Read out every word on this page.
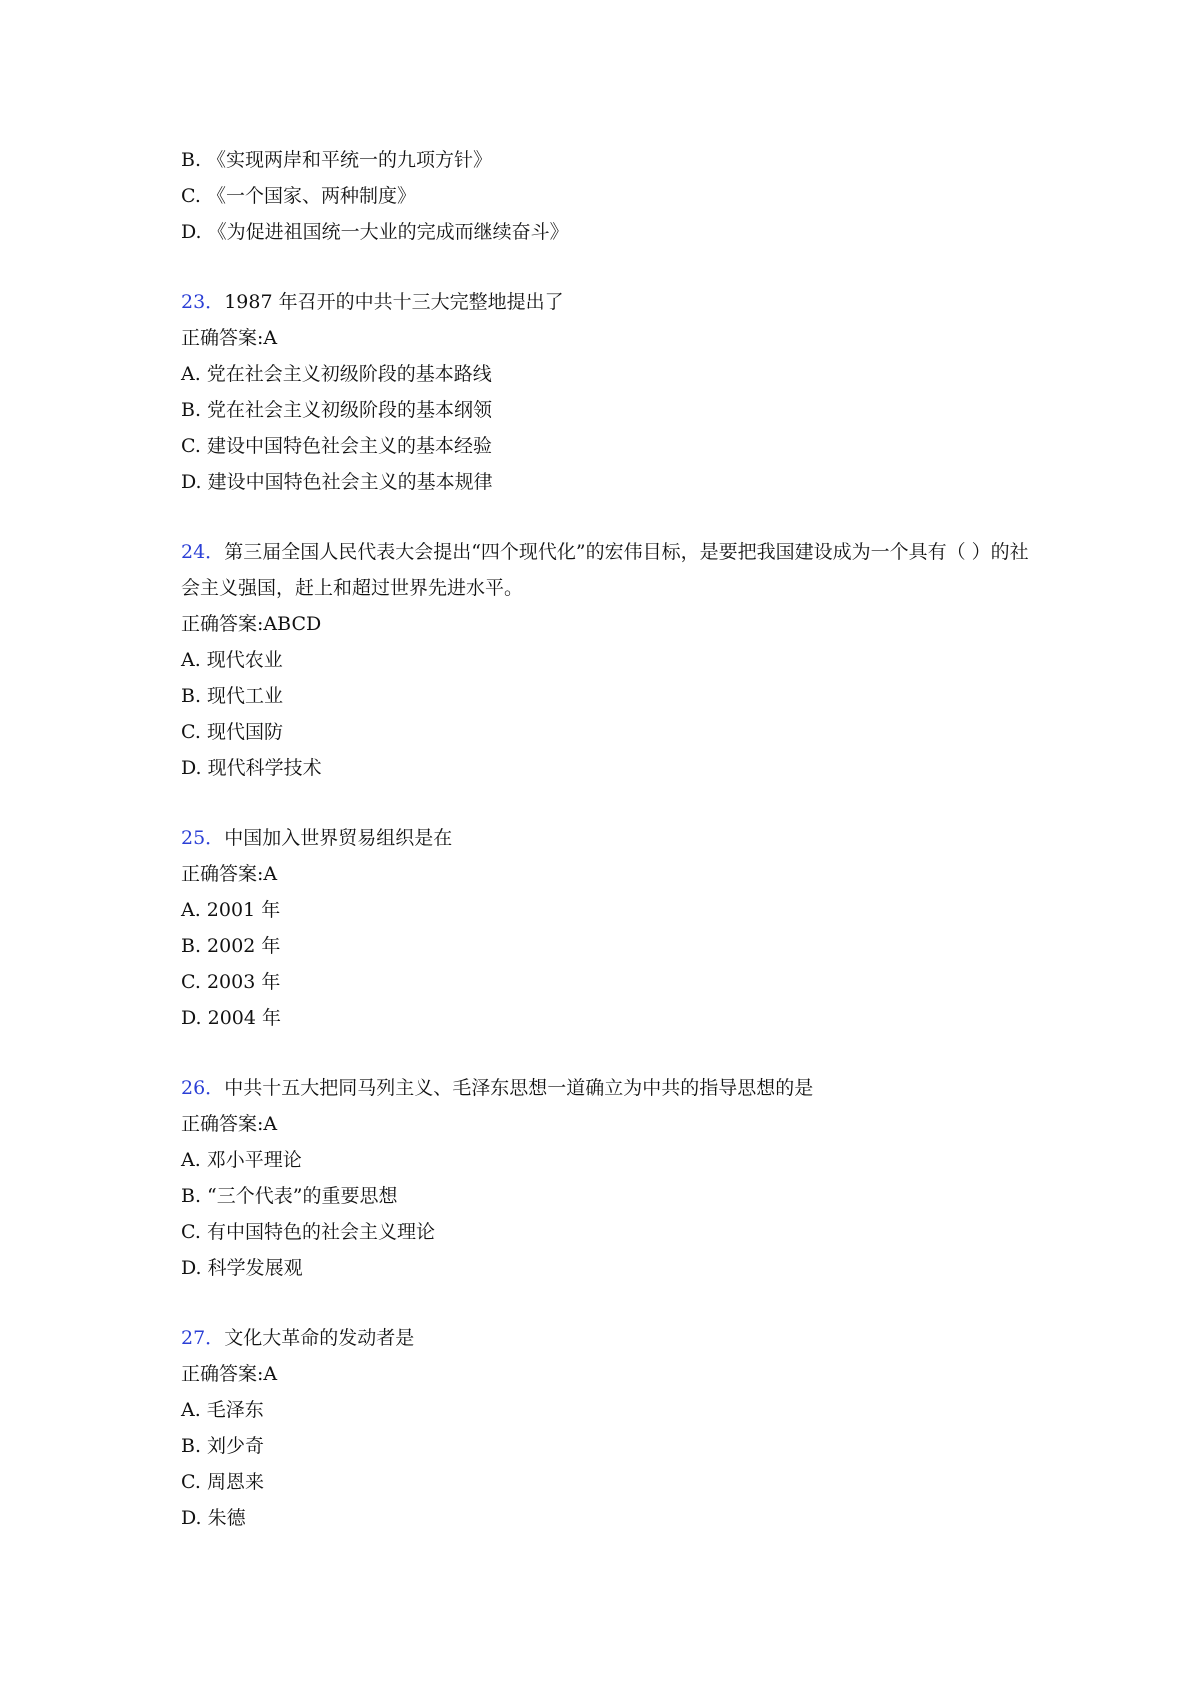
B. 《实现两岸和平统一的九项方针》
C. 《一个国家、两种制度》
D. 《为促进祖国统一大业的完成而继续奋斗》
23．1987 年召开的中共十三大完整地提出了
正确答案:A
A. 党在社会主义初级阶段的基本路线
B. 党在社会主义初级阶段的基本纲领
C. 建设中国特色社会主义的基本经验
D. 建设中国特色社会主义的基本规律
24．第三届全国人民代表大会提出“四个现代化”的宏伟目标，是要把我国建设成为一个具有（ ）的社会主义强国，赶上和超过世界先进水平。
正确答案:ABCD
A. 现代农业
B. 现代工业
C. 现代国防
D. 现代科学技术
25．中国加入世界贸易组织是在
正确答案:A
A. 2001 年
B. 2002 年
C. 2003 年
D. 2004 年
26．中共十五大把同马列主义、毛泽东思想一道确立为中共的指导思想的是
正确答案:A
A. 邓小平理论
B. “三个代表”的重要思想
C. 有中国特色的社会主义理论
D. 科学发展观
27．文化大革命的发动者是
正确答案:A
A. 毛泽东
B. 刘少奇
C. 周恩来
D. 朱德
